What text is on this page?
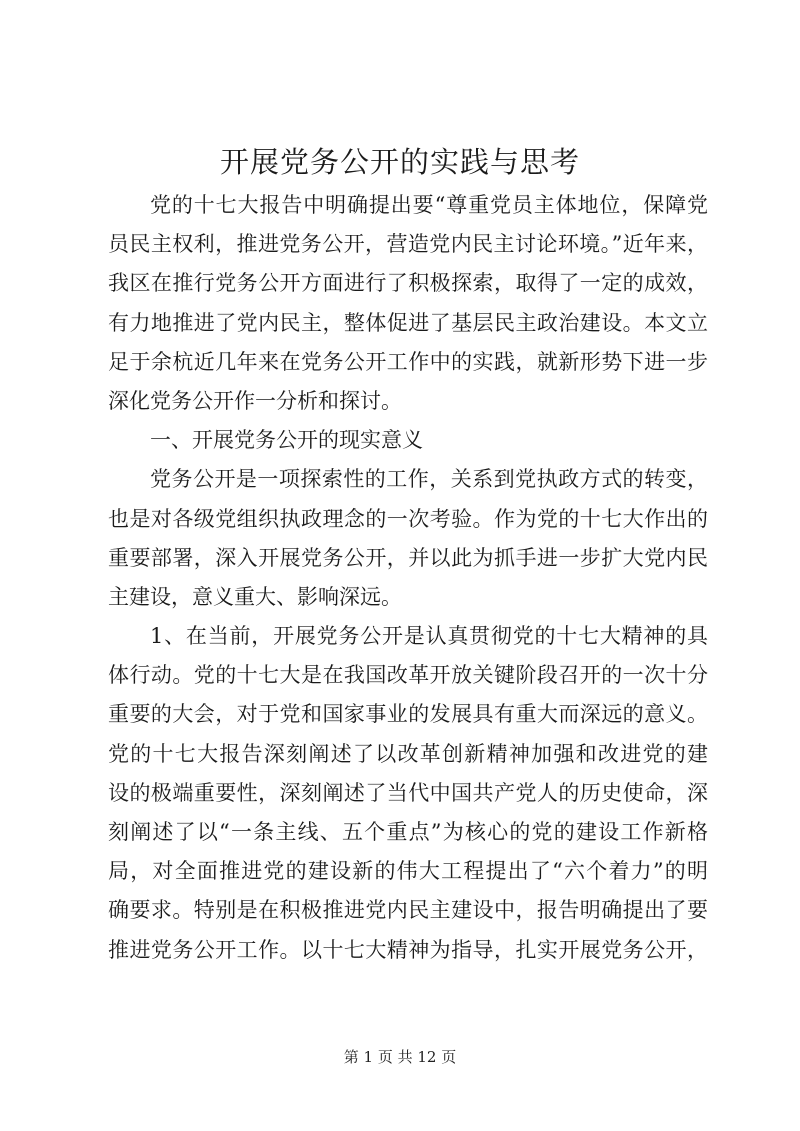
开展党务公开的实践与思考

党的十七大报告中明确提出要“尊重党员主体地位，保障党

员民主权利，推进党务公开，营造党内民主讨论环境。”近年来，

我区在推行党务公开方面进行了积极探索，取得了一定的成效，

有力地推进了党内民主，整体促进了基层民主政治建设。本文立

足于余杭近几年来在党务公开工作中的实践，就新形势下进一步

深化党务公开作一分析和探讨。

一、开展党务公开的现实意义

党务公开是一项探索性的工作，关系到党执政方式的转变，

也是对各级党组织执政理念的一次考验。作为党的十七大作出的

重要部署，深入开展党务公开，并以此为抓手进一步扩大党内民

主建设，意义重大、影响深远。

1、在当前，开展党务公开是认真贯彻党的十七大精神的具

体行动。党的十七大是在我国改革开放关键阶段召开的一次十分

重要的大会，对于党和国家事业的发展具有重大而深远的意义。

党的十七大报告深刻阐述了以改革创新精神加强和改进党的建

设的极端重要性，深刻阐述了当代中国共产党人的历史使命，深

刻阐述了以“一条主线、五个重点”为核心的党的建设工作新格

局，对全面推进党的建设新的伟大工程提出了“六个着力”的明

确要求。特别是在积极推进党内民主建设中，报告明确提出了要

推进党务公开工作。以十七大精神为指导，扎实开展党务公开，

第 1 页 共 12 页
